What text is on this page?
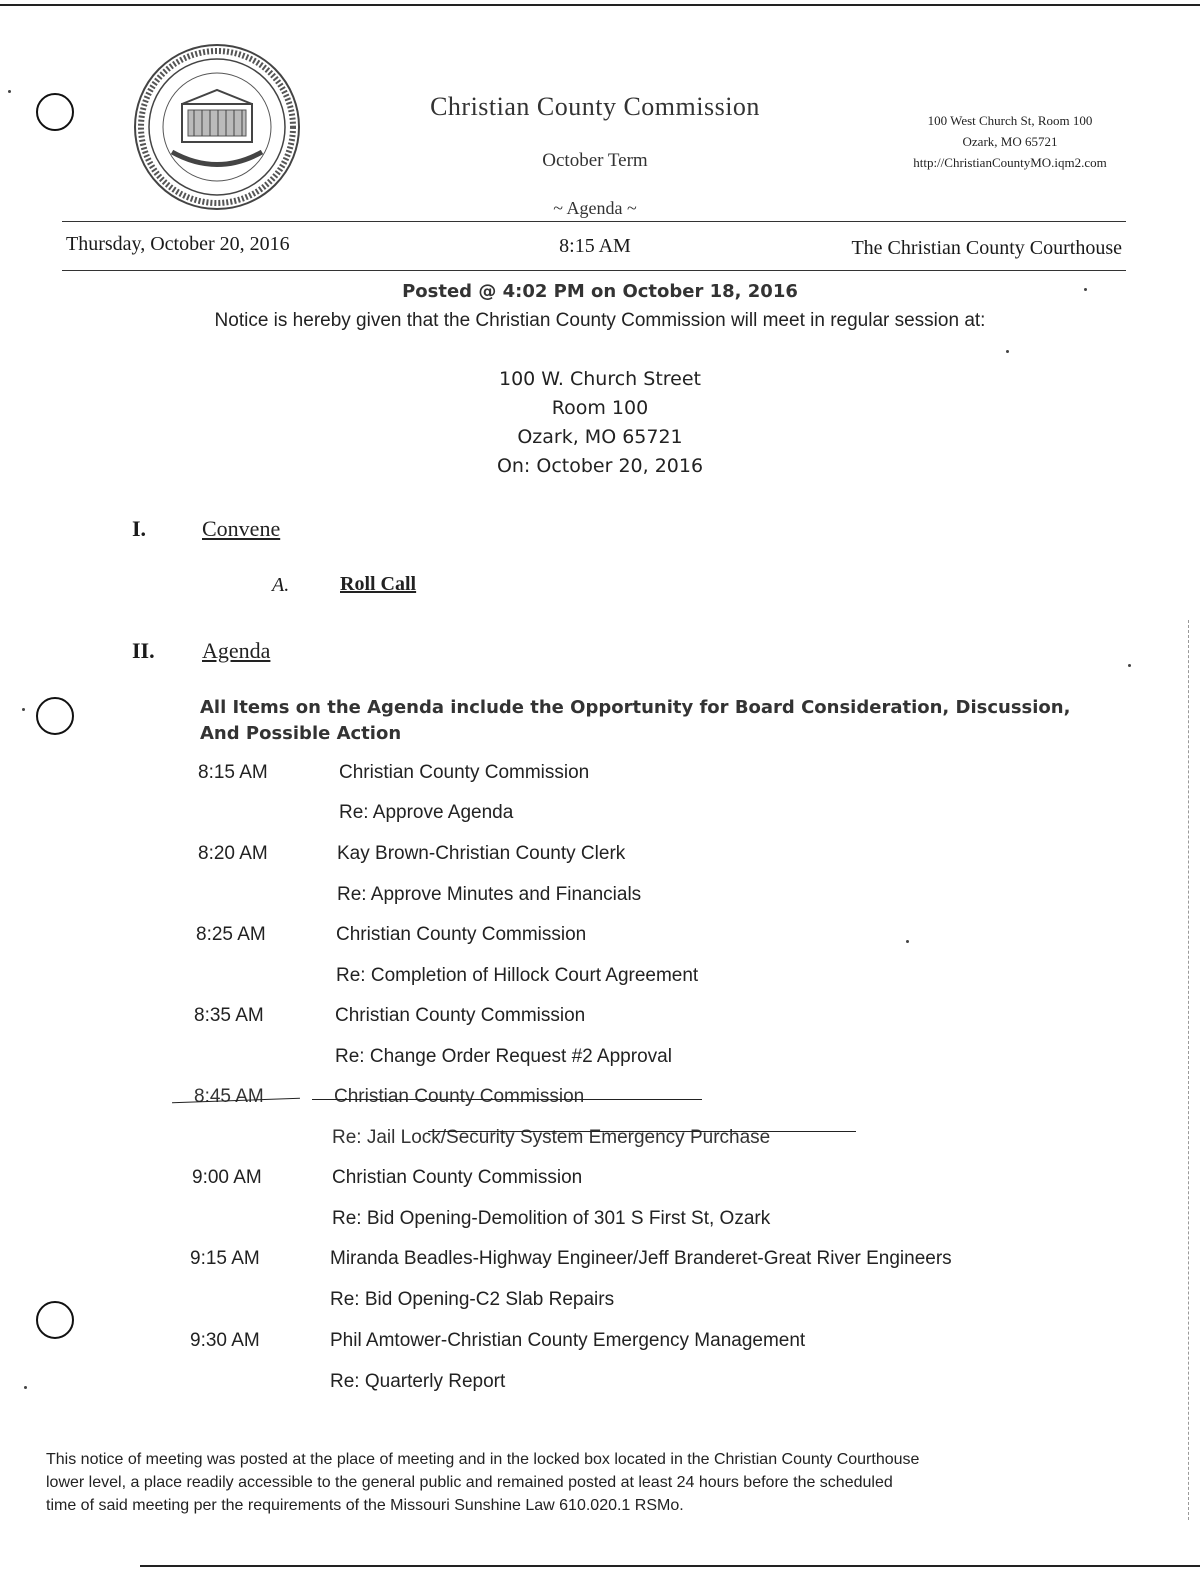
Christian County Commission
October Term
~ Agenda ~
100 West Church St, Room 100
Ozark, MO 65721
http://ChristianCountyMO.iqm2.com
Thursday, October 20, 2016	8:15 AM	The Christian County Courthouse
Posted @ 4:02 PM on October 18, 2016
Notice is hereby given that the Christian County Commission will meet in regular session at:
100 W. Church Street
Room 100
Ozark, MO 65721
On: October 20, 2016
I.	Convene
A.	Roll Call
II. Agenda
All Items on the Agenda include the Opportunity for Board Consideration, Discussion,
And Possible Action
8:15 AM	Christian County Commission
Re: Approve Agenda
8:20 AM	Kay Brown-Christian County Clerk
Re: Approve Minutes and Financials
8:25 AM	Christian County Commission
Re: Completion of Hillock Court Agreement
8:35 AM	Christian County Commission
Re: Change Order Request #2 Approval
8:45 AM	Christian County Commission
Re: Jail Lock/Security System Emergency Purchase
9:00 AM	Christian County Commission
Re: Bid Opening-Demolition of 301 S First St, Ozark
9:15 AM	Miranda Beadles-Highway Engineer/Jeff Branderet-Great River Engineers
Re: Bid Opening-C2 Slab Repairs
9:30 AM	Phil Amtower-Christian County Emergency Management
Re: Quarterly Report
This notice of meeting was posted at the place of meeting and in the locked box located in the Christian County Courthouse
lower level, a place readily accessible to the general public and remained posted at least 24 hours before the scheduled
time of said meeting per the requirements of the Missouri Sunshine Law 610.020.1 RSMo.
